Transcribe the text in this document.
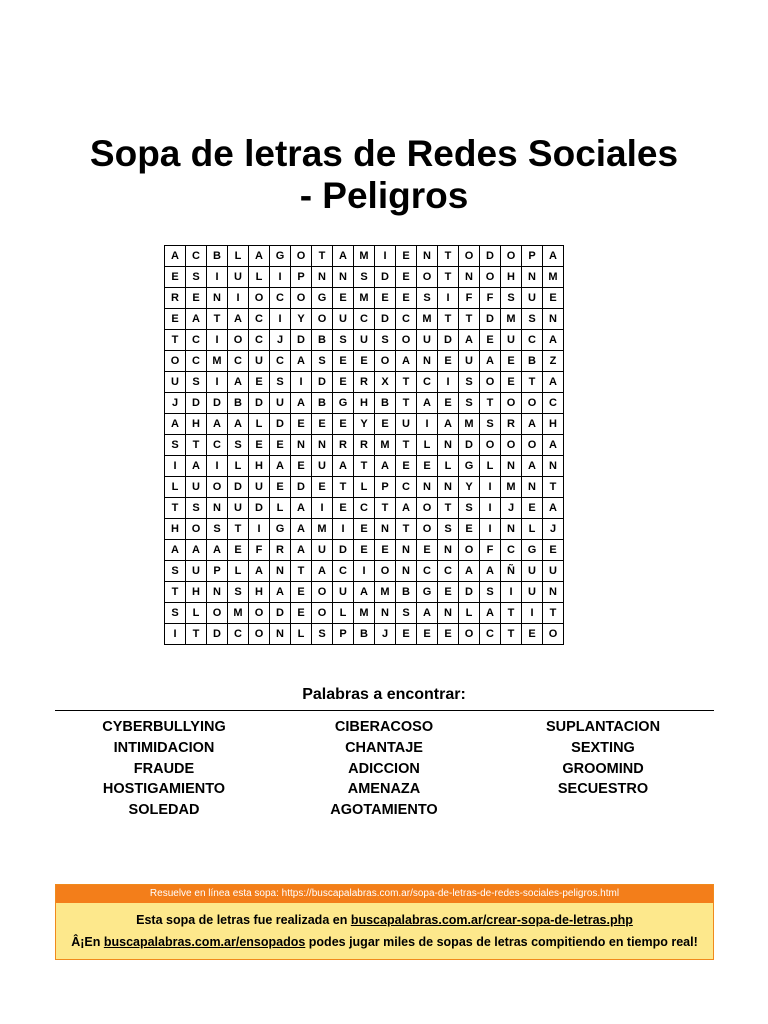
Sopa de letras de Redes Sociales
- Peligros
A	C	B	L	A	G	O	T	A	M	I	E	N	T	O	D	O	P	A
E	S	I	U	L	I	P	N	N	S	D	E	O	T	N	O	H	N	M
R	E	N	I	O	C	O	G	E	M	E	E	S	I	F	F	S	U	E
E	A	T	A	C	I	Y	O	U	C	D	C	M	T	T	D	M	S	N
T	C	I	O	C	J	D	B	S	U	S	O	U	D	A	E	U	C	A
O	C	M	C	U	C	A	S	E	E	O	A	N	E	U	A	E	B	Z
U	S	I	A	E	S	I	D	E	R	X	T	C	I	S	O	E	T	A
J	D	D	B	D	U	A	B	G	H	B	T	A	E	S	T	O	O	C
A	H	A	A	L	D	E	E	E	Y	E	U	I	A	M	S	R	A	H
S	T	C	S	E	E	N	N	R	R	M	T	L	N	D	O	O	O	A
I	A	I	L	H	A	E	U	A	T	A	E	E	L	G	L	N	A	N
L	U	O	D	U	E	D	E	T	L	P	C	N	N	Y	I	M	N	T
T	S	N	U	D	L	A	I	E	C	T	A	O	T	S	I	J	E	A
H	O	S	T	I	G	A	M	I	E	N	T	O	S	E	I	N	L	J
A	A	A	E	F	R	A	U	D	E	E	N	E	N	O	F	C	G	E
S	U	P	L	A	N	T	A	C	I	O	N	C	C	A	A	Ñ	U	U
T	H	N	S	H	A	E	O	U	A	M	B	G	E	D	S	I	U	N
S	L	O	M	O	D	E	O	L	M	N	S	A	N	L	A	T	I	T
I	T	D	C	O	N	L	S	P	B	J	E	E	E	O	C	T	E	O
Palabras a encontrar:
CYBERBULLYING
INTIMIDACION
FRAUDE
HOSTIGAMIENTO
SOLEDAD
CIBERACOSO
CHANTAJE
ADICCION
AMENAZA
AGOTAMIENTO
SUPLANTACION
SEXTING
GROOMIND
SECUESTRO
Resuelve en línea esta sopa: https://buscapalabras.com.ar/sopa-de-letras-de-redes-sociales-peligros.html
Esta sopa de letras fue realizada en buscapalabras.com.ar/crear-sopa-de-letras.php
Â¡En buscapalabras.com.ar/ensopados podes jugar miles de sopas de letras compitiendo en tiempo real!
